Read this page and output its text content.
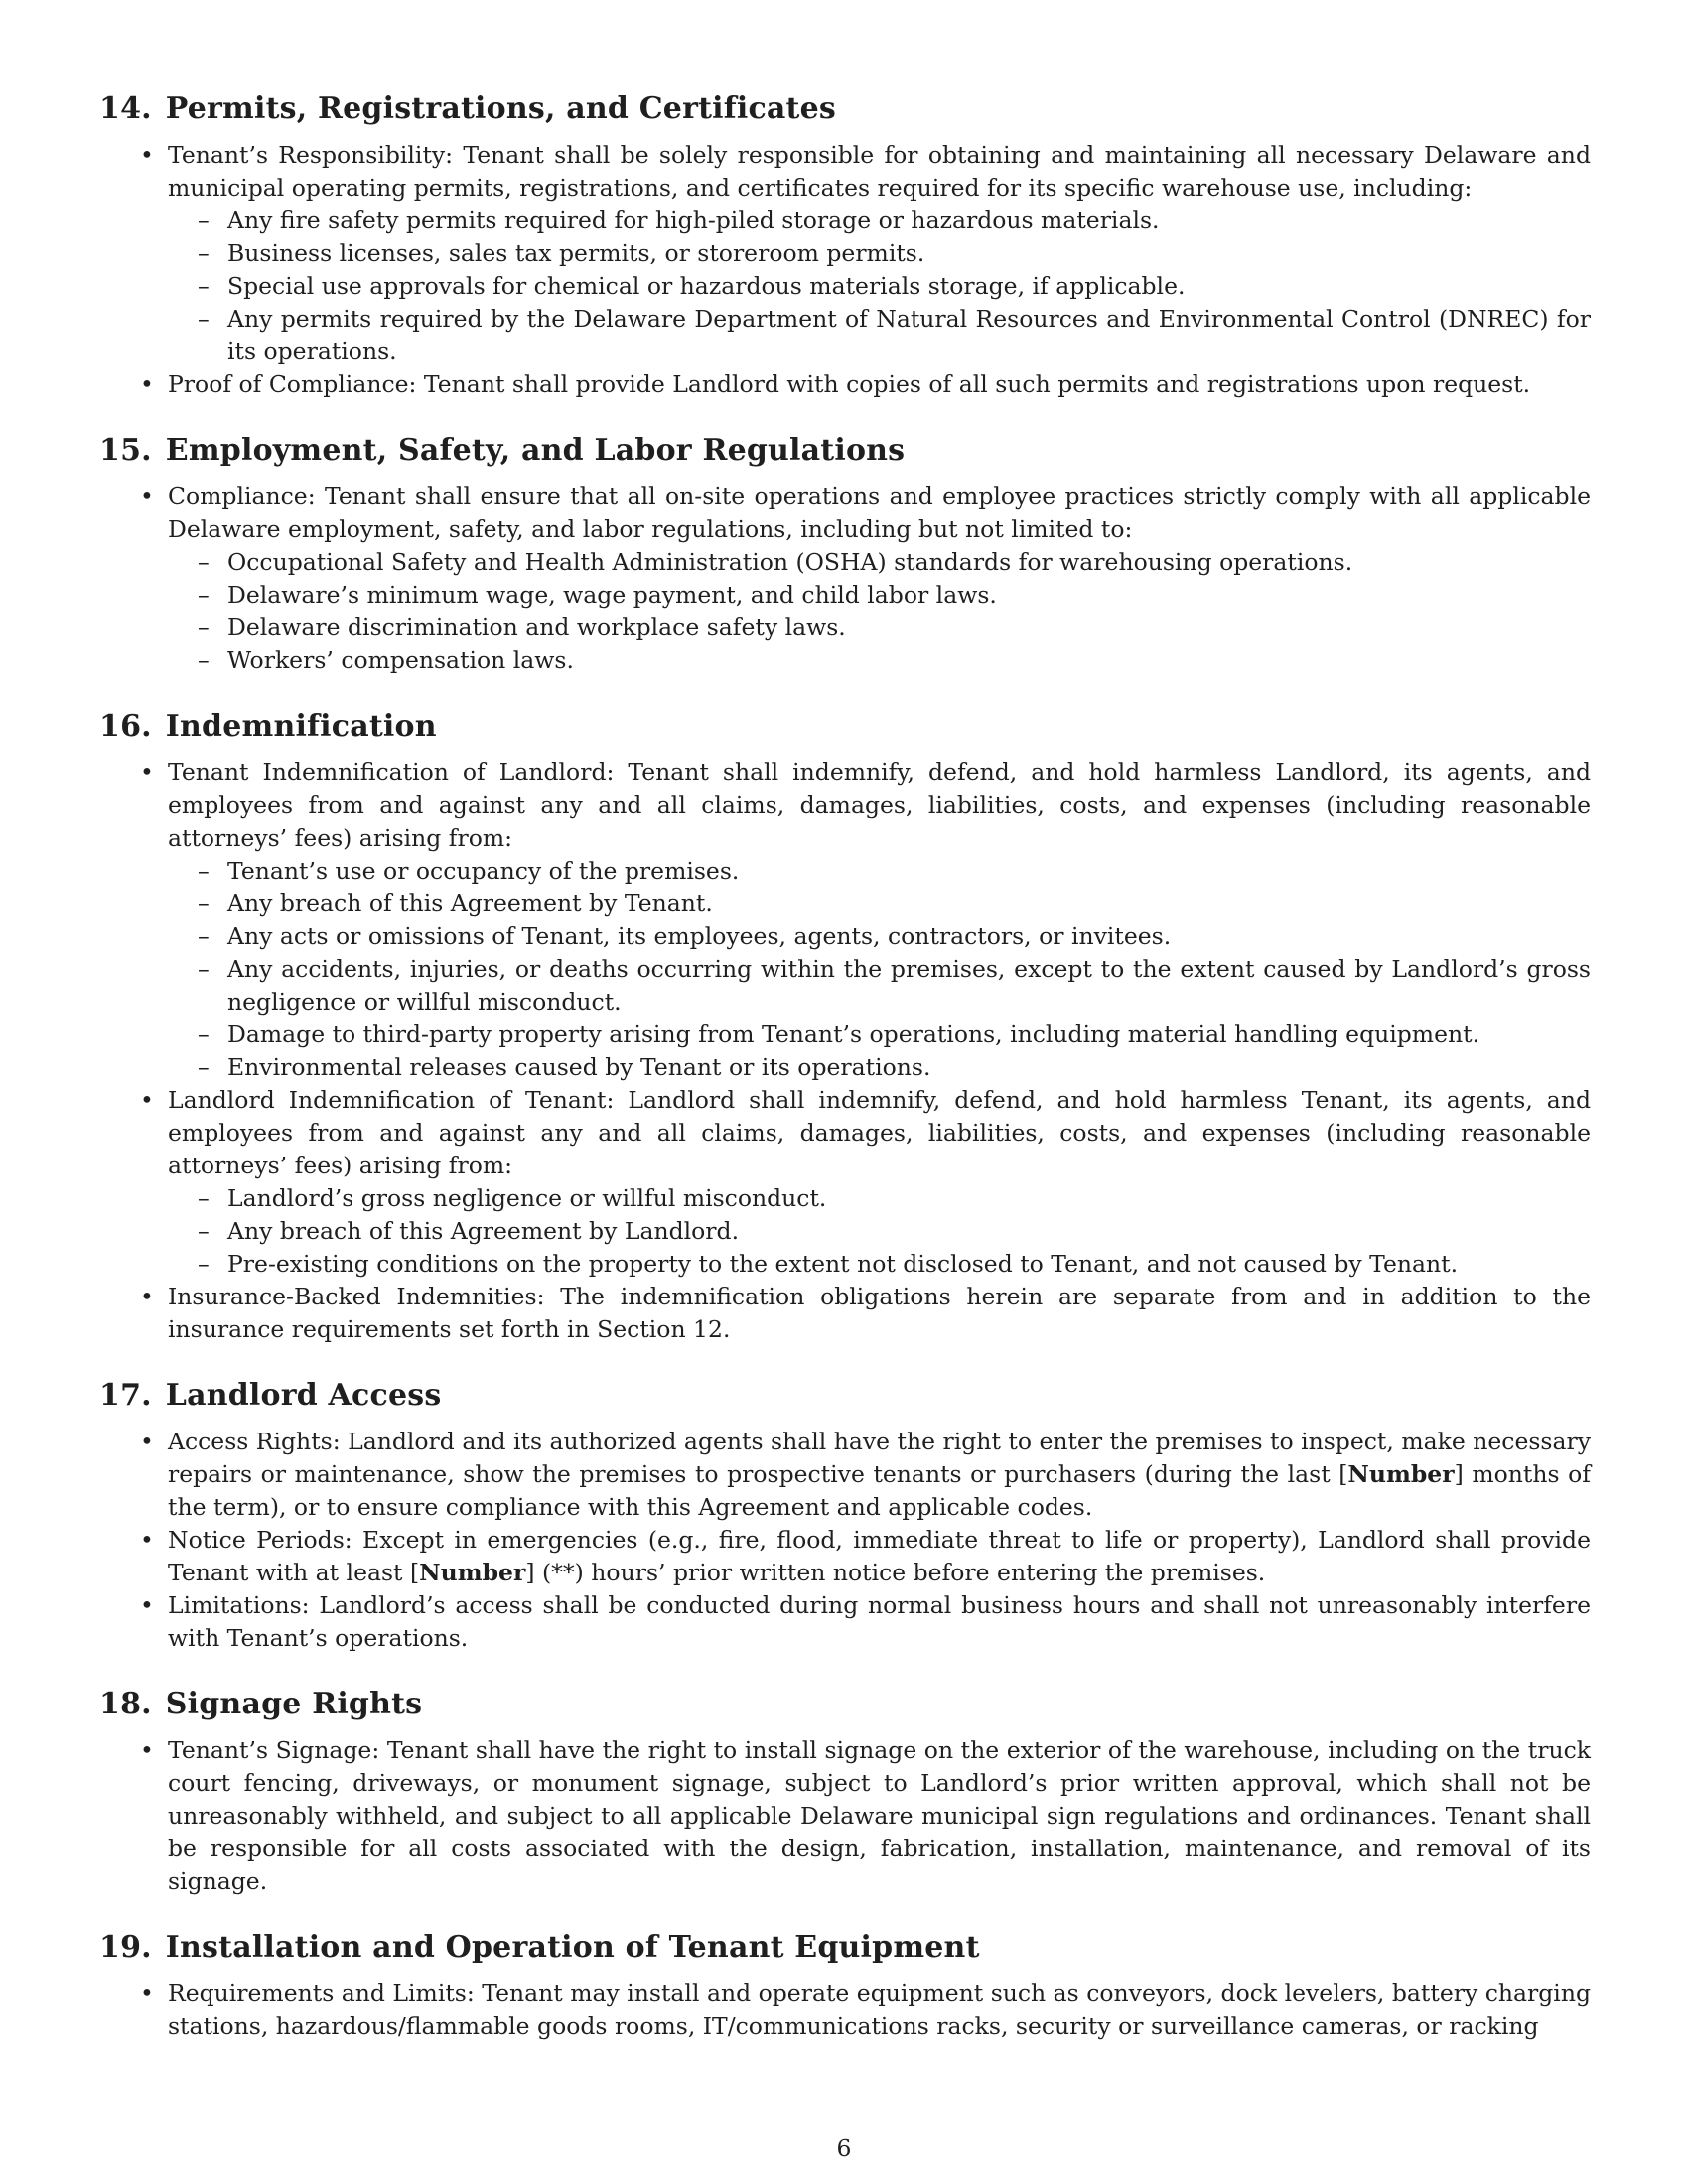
14. Permits, Registrations, and Certificates
• Tenant’s Responsibility: Tenant shall be solely responsible for obtaining and maintaining all necessary Delaware and municipal operating permits, registrations, and certificates required for its specific warehouse use, including:
– Any fire safety permits required for high-piled storage or hazardous materials.
– Business licenses, sales tax permits, or storeroom permits.
– Special use approvals for chemical or hazardous materials storage, if applicable.
– Any permits required by the Delaware Department of Natural Resources and Environmental Control (DNREC) for its operations.
• Proof of Compliance: Tenant shall provide Landlord with copies of all such permits and registrations upon request.
15. Employment, Safety, and Labor Regulations
• Compliance: Tenant shall ensure that all on-site operations and employee practices strictly comply with all applicable Delaware employment, safety, and labor regulations, including but not limited to:
– Occupational Safety and Health Administration (OSHA) standards for warehousing operations.
– Delaware’s minimum wage, wage payment, and child labor laws.
– Delaware discrimination and workplace safety laws.
– Workers’ compensation laws.
16. Indemnification
• Tenant Indemnification of Landlord: Tenant shall indemnify, defend, and hold harmless Landlord, its agents, and employees from and against any and all claims, damages, liabilities, costs, and expenses (including reasonable attorneys’ fees) arising from:
– Tenant’s use or occupancy of the premises.
– Any breach of this Agreement by Tenant.
– Any acts or omissions of Tenant, its employees, agents, contractors, or invitees.
– Any accidents, injuries, or deaths occurring within the premises, except to the extent caused by Landlord’s gross negligence or willful misconduct.
– Damage to third-party property arising from Tenant’s operations, including material handling equipment.
– Environmental releases caused by Tenant or its operations.
• Landlord Indemnification of Tenant: Landlord shall indemnify, defend, and hold harmless Tenant, its agents, and employees from and against any and all claims, damages, liabilities, costs, and expenses (including reasonable attorneys’ fees) arising from:
– Landlord’s gross negligence or willful misconduct.
– Any breach of this Agreement by Landlord.
– Pre-existing conditions on the property to the extent not disclosed to Tenant, and not caused by Tenant.
• Insurance-Backed Indemnities: The indemnification obligations herein are separate from and in addition to the insurance requirements set forth in Section 12.
17. Landlord Access
• Access Rights: Landlord and its authorized agents shall have the right to enter the premises to inspect, make necessary repairs or maintenance, show the premises to prospective tenants or purchasers (during the last [Number] months of the term), or to ensure compliance with this Agreement and applicable codes.
• Notice Periods: Except in emergencies (e.g., fire, flood, immediate threat to life or property), Landlord shall provide Tenant with at least [Number] (**) hours’ prior written notice before entering the premises.
• Limitations: Landlord’s access shall be conducted during normal business hours and shall not unreasonably interfere with Tenant’s operations.
18. Signage Rights
• Tenant’s Signage: Tenant shall have the right to install signage on the exterior of the warehouse, including on the truck court fencing, driveways, or monument signage, subject to Landlord’s prior written approval, which shall not be unreasonably withheld, and subject to all applicable Delaware municipal sign regulations and ordinances. Tenant shall be responsible for all costs associated with the design, fabrication, installation, maintenance, and removal of its signage.
19. Installation and Operation of Tenant Equipment
• Requirements and Limits: Tenant may install and operate equipment such as conveyors, dock levelers, battery charging stations, hazardous/flammable goods rooms, IT/communications racks, security or surveillance cameras, or racking
6
